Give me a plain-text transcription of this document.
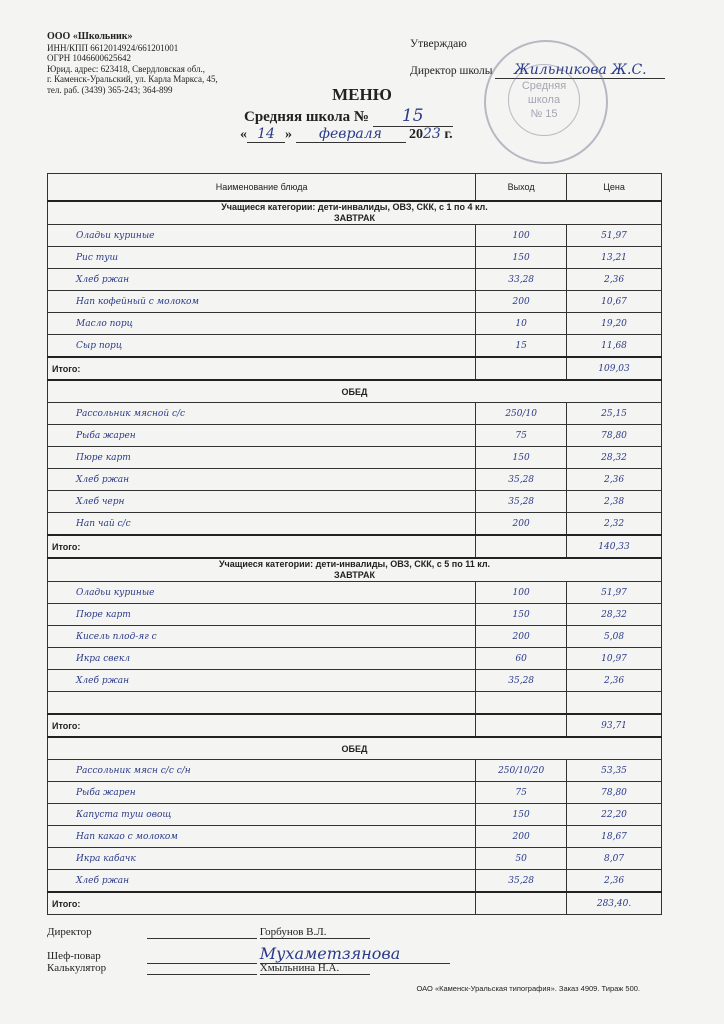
ООО «Школьник»
ИНН/КПП 6612014924/661201001
ОГРН 1046600625642
Юрид. адрес: 623418, Свердловская обл.,
г. Каменск-Уральский, ул. Карла Маркса, 45,
тел. раб. (3439) 365-243; 364-899
Утверждаю
Директор школы Жильникова Ж.С.
Средняя
школа
№ 15
МЕНЮ
Средняя школа № 15
« 14 » февраля 2023 г.
Наименование блюда	Выход	Цена

Учащиеся категории: дети-инвалиды, ОВЗ, СКК, с 1 по 4 кл.
ЗАВТРАК		

Оладьи куриные	100	51,97
Рис туш	150	13,21
Хлеб ржан	33,28	2,36
Нап кофейный с молоком	200	10,67
Масло порц	10	19,20
Сыр порц	15	11,68
Итого:		109,03
ОБЕД		
Рассольник мясной с/с	250/10	25,15
Рыба жарен	75	78,80
Пюре карт	150	28,32
Хлеб ржан	35,28	2,36
Хлеб черн	35,28	2,38
Нап чай с/с	200	2,32
Итого:		140,33

Учащиеся категории: дети-инвалиды, ОВЗ, СКК, с 5 по 11 кл.
ЗАВТРАК		

Оладьи куриные	100	51,97
Пюре карт	150	28,32
Кисель плод-яг с	200	5,08
Икра свекл	60	10,97
Хлеб ржан	35,28	2,36

Итого:		93,71
ОБЕД		
Рассольник мясн с/с с/н	250/10/20	53,35
Рыба жарен	75	78,80
Капуста туш овощ	150	22,20
Нап какао с молоком	200	18,67
Икра кабачк	50	8,07
Хлеб ржан	35,28	2,36
Итого:		283,40.
Директор	Горбунов В.Л.
Шеф-повар	Мухаметзянова
Калькулятор	Хмыльнина Н.А.
ОАО «Каменск-Уральская типография». Заказ 4909. Тираж 500.
